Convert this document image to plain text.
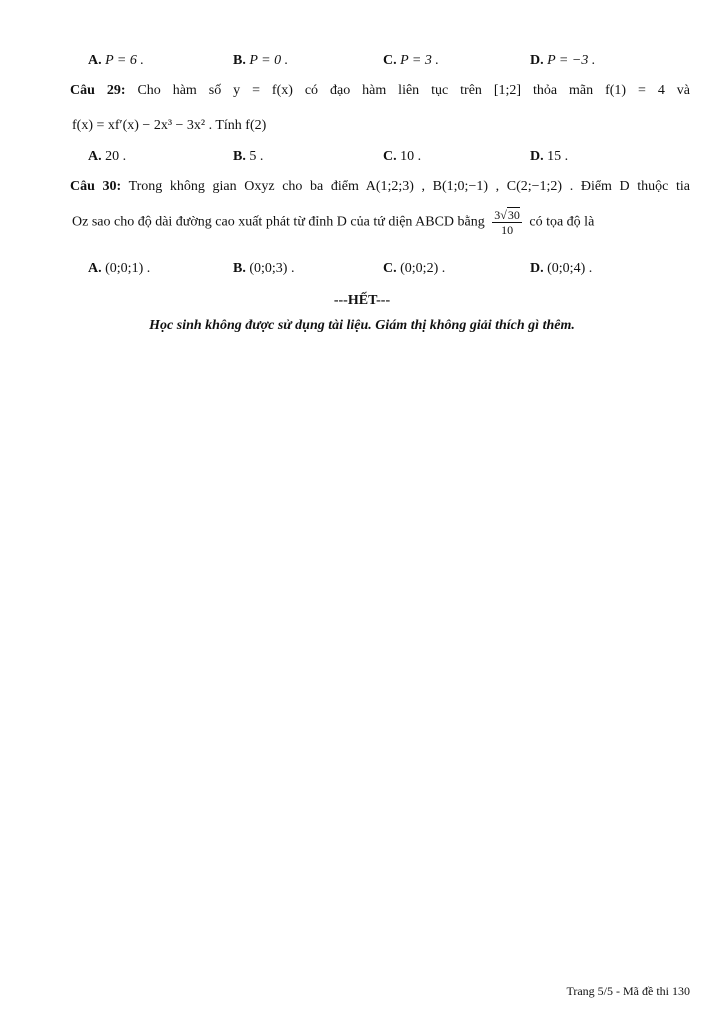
A. P = 6 .	B. P = 0 .	C. P = 3 .	D. P = −3 .
Câu 29: Cho hàm số y = f(x) có đạo hàm liên tục trên [1;2] thỏa mãn f(1) = 4 và
f(x) = xf′(x) − 2x³ − 3x² . Tính f(2)
A. 20 .	B. 5 .	C. 10 .	D. 15 .
Câu 30: Trong không gian Oxyz cho ba điểm A(1;2;3) , B(1;0;−1) , C(2;−1;2) . Điểm D thuộc tia
Oz sao cho độ dài đường cao xuất phát từ đỉnh D của tứ diện ABCD bằng $\frac{3√30}{10}$ có tọa độ là
A. (0;0;1) .	B. (0;0;3) .	C. (0;0;2) .	D. (0;0;4) .
---HẾT---
Học sinh không được sử dụng tài liệu. Giám thị không giải thích gì thêm.
Trang 5/5 - Mã đề thi 130
